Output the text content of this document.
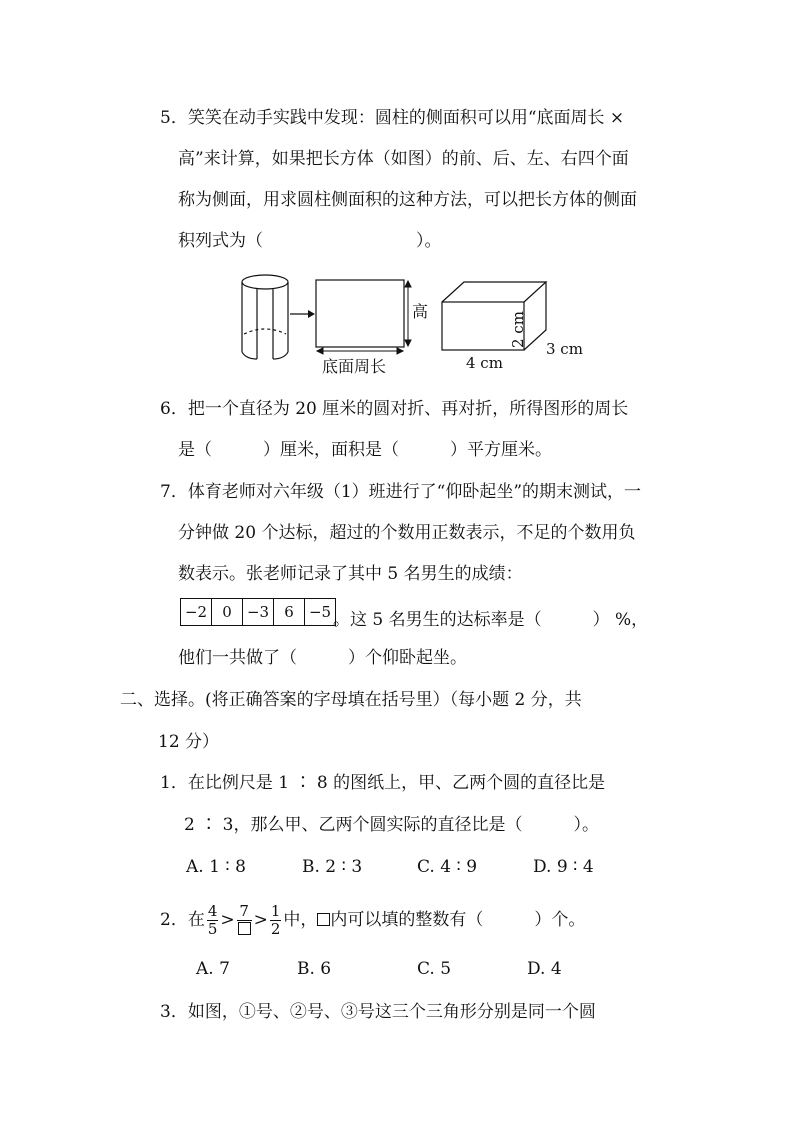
5．笑笑在动手实践中发现：圆柱的侧面积可以用“底面周长 ×
高”来计算，如果把长方体（如图）的前、后、左、右四个面
称为侧面，用求圆柱侧面积的这种方法，可以把长方体的侧面
积列式为（　　　　　　　　　）。
高
底面周长
2 cm
3 cm
4 cm
6．把一个直径为 20 厘米的圆对折、再对折，所得图形的周长
是（　　　）厘米，面积是（　　　）平方厘米。
7．体育老师对六年级（1）班进行了“仰卧起坐”的期末测试，一
分钟做 20 个达标，超过的个数用正数表示，不足的个数用负
数表示。张老师记录了其中 5 名男生的成绩：
−2	0	−3	6	−5 。这 5 名男生的达标率是（　　　） %，
他们一共做了（　　　）个仰卧起坐。
二、选择。(将正确答案的字母填在括号里）（每小题 2 分，共
12 分）
1．在比例尺是 1 ∶ 8 的图纸上，甲、乙两个圆的直径比是
2 ∶ 3，那么甲、乙两个圆实际的直径比是（　　　）。
A. 1 ∶ 8	B. 2 ∶ 3	C. 4 ∶ 9	D. 9 ∶ 4
2．在 $\frac{4}{5} > 7 > \frac{1}{2}$ 中， 内可以填的整数有（　　　）个。
A. 7	B. 6	C. 5	D. 4
3．如图，①号、②号、③号这三个三角形分别是同一个圆
